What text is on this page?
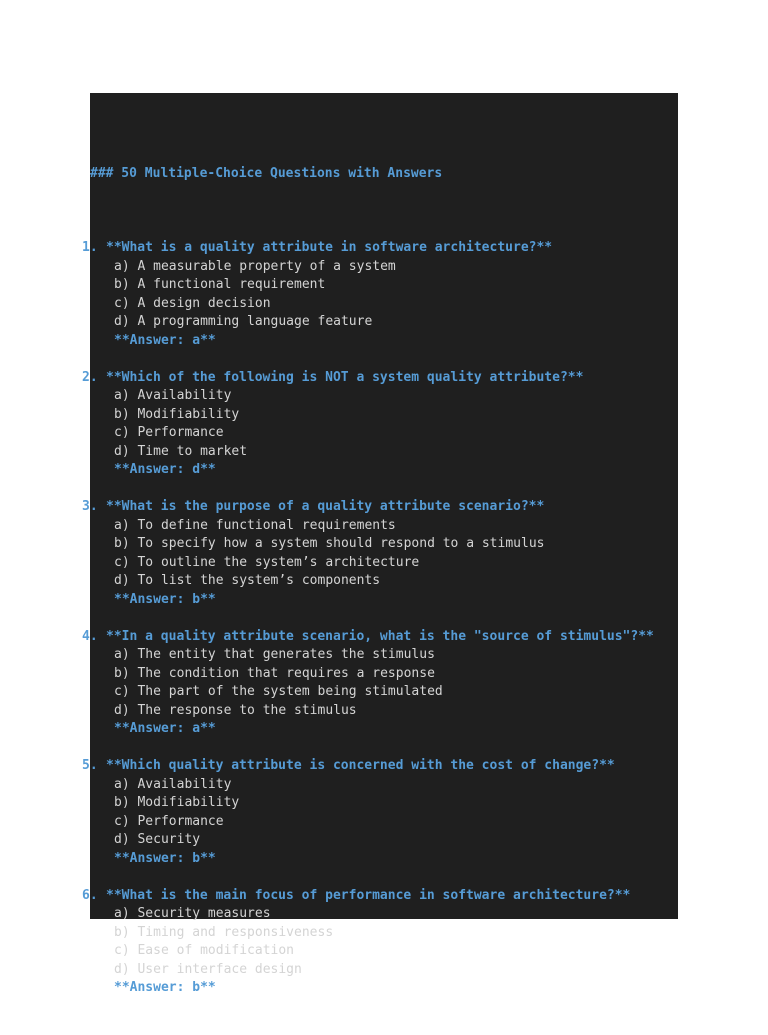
### 50 Multiple-Choice Questions with Answers

1. **What is a quality attribute in software architecture?**
a) A measurable property of a system
b) A functional requirement
c) A design decision
d) A programming language feature
**Answer: a**
2. **Which of the following is NOT a system quality attribute?**
a) Availability
b) Modifiability
c) Performance
d) Time to market
**Answer: d**
3. **What is the purpose of a quality attribute scenario?**
a) To define functional requirements
b) To specify how a system should respond to a stimulus
c) To outline the system’s architecture
d) To list the system’s components
**Answer: b**
4. **In a quality attribute scenario, what is the "source of stimulus"?**
a) The entity that generates the stimulus
b) The condition that requires a response
c) The part of the system being stimulated
d) The response to the stimulus
**Answer: a**
5. **Which quality attribute is concerned with the cost of change?**
a) Availability
b) Modifiability
c) Performance
d) Security
**Answer: b**
6. **What is the main focus of performance in software architecture?**
a) Security measures
b) Timing and responsiveness
c) Ease of modification
d) User interface design
**Answer: b**
